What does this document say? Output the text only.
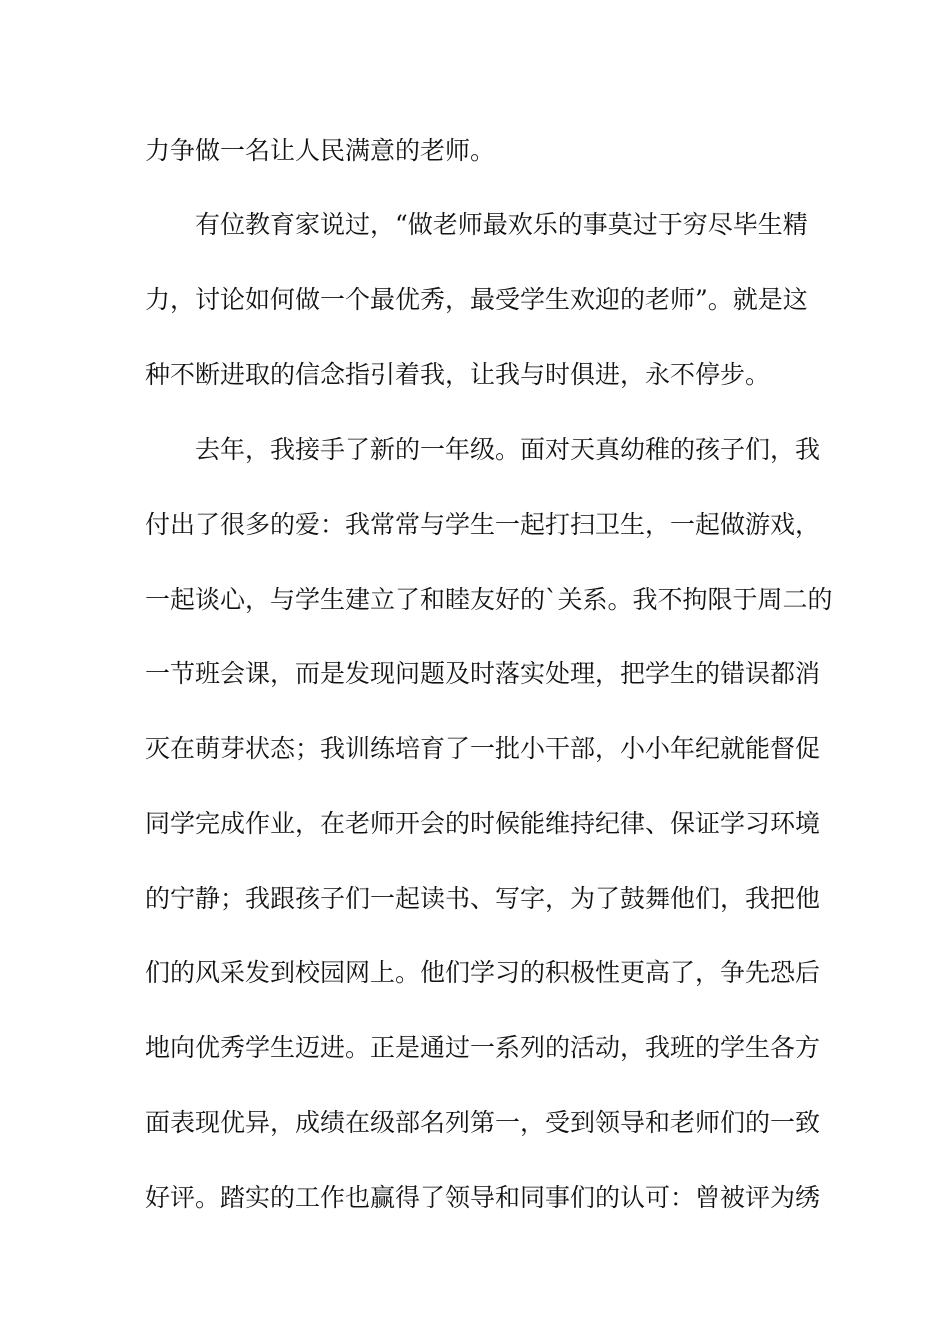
力争做一名让人民满意的老师。
有位教育家说过，“做老师最欢乐的事莫过于穷尽毕生精
力，讨论如何做一个最优秀，最受学生欢迎的老师”。就是这
种不断进取的信念指引着我，让我与时俱进，永不停步。
去年，我接手了新的一年级。面对天真幼稚的孩子们，我
付出了很多的爱：我常常与学生一起打扫卫生，一起做游戏，
一起谈心，与学生建立了和睦友好的`关系。我不拘限于周二的
一节班会课，而是发现问题及时落实处理，把学生的错误都消
灭在萌芽状态；我训练培育了一批小干部，小小年纪就能督促
同学完成作业，在老师开会的时候能维持纪律、保证学习环境
的宁静；我跟孩子们一起读书、写字，为了鼓舞他们，我把他
们的风采发到校园网上。他们学习的积极性更高了，争先恐后
地向优秀学生迈进。正是通过一系列的活动，我班的学生各方
面表现优异，成绩在级部名列第一，受到领导和老师们的一致
好评。踏实的工作也赢得了领导和同事们的认可：曾被评为绣
